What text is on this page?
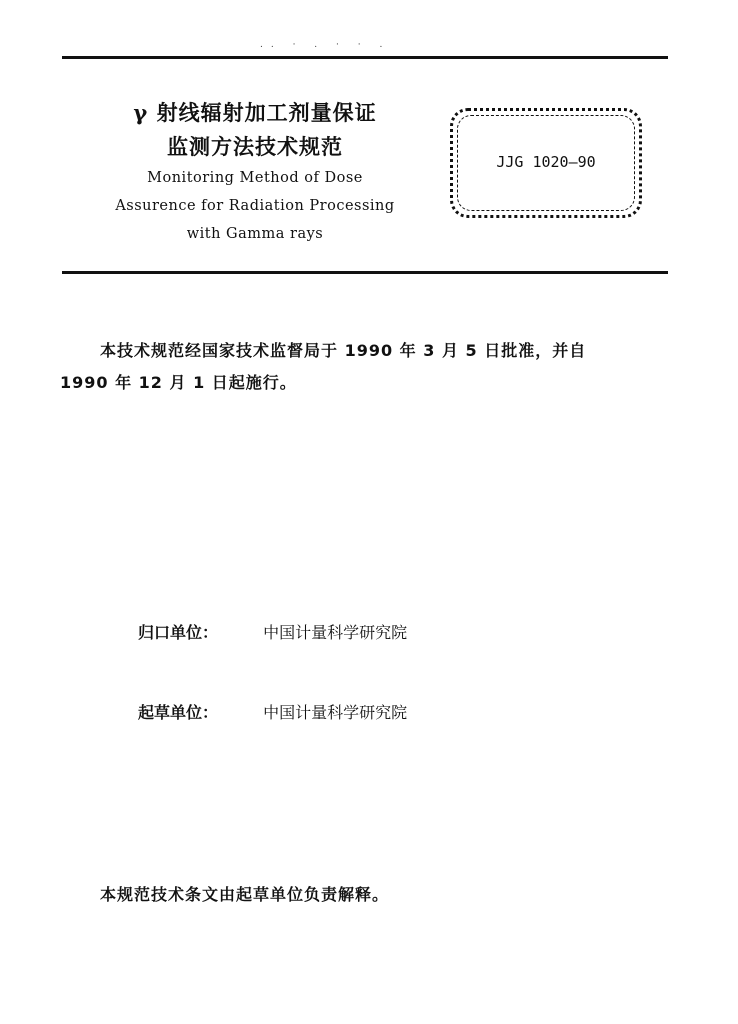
.. · . · · .
γ 射线辐射加工剂量保证
监测方法技术规范
Monitoring Method of Dose
Assurence for Radiation Processing
with Gamma rays
JJG 1020—90
本技术规范经国家技术监督局于 1990 年 3 月 5 日批准，并自
1990 年 12 月 1 日起施行。
归口单位：	中国计量科学研究院
起草单位：	中国计量科学研究院
本规范技术条文由起草单位负责解释。
